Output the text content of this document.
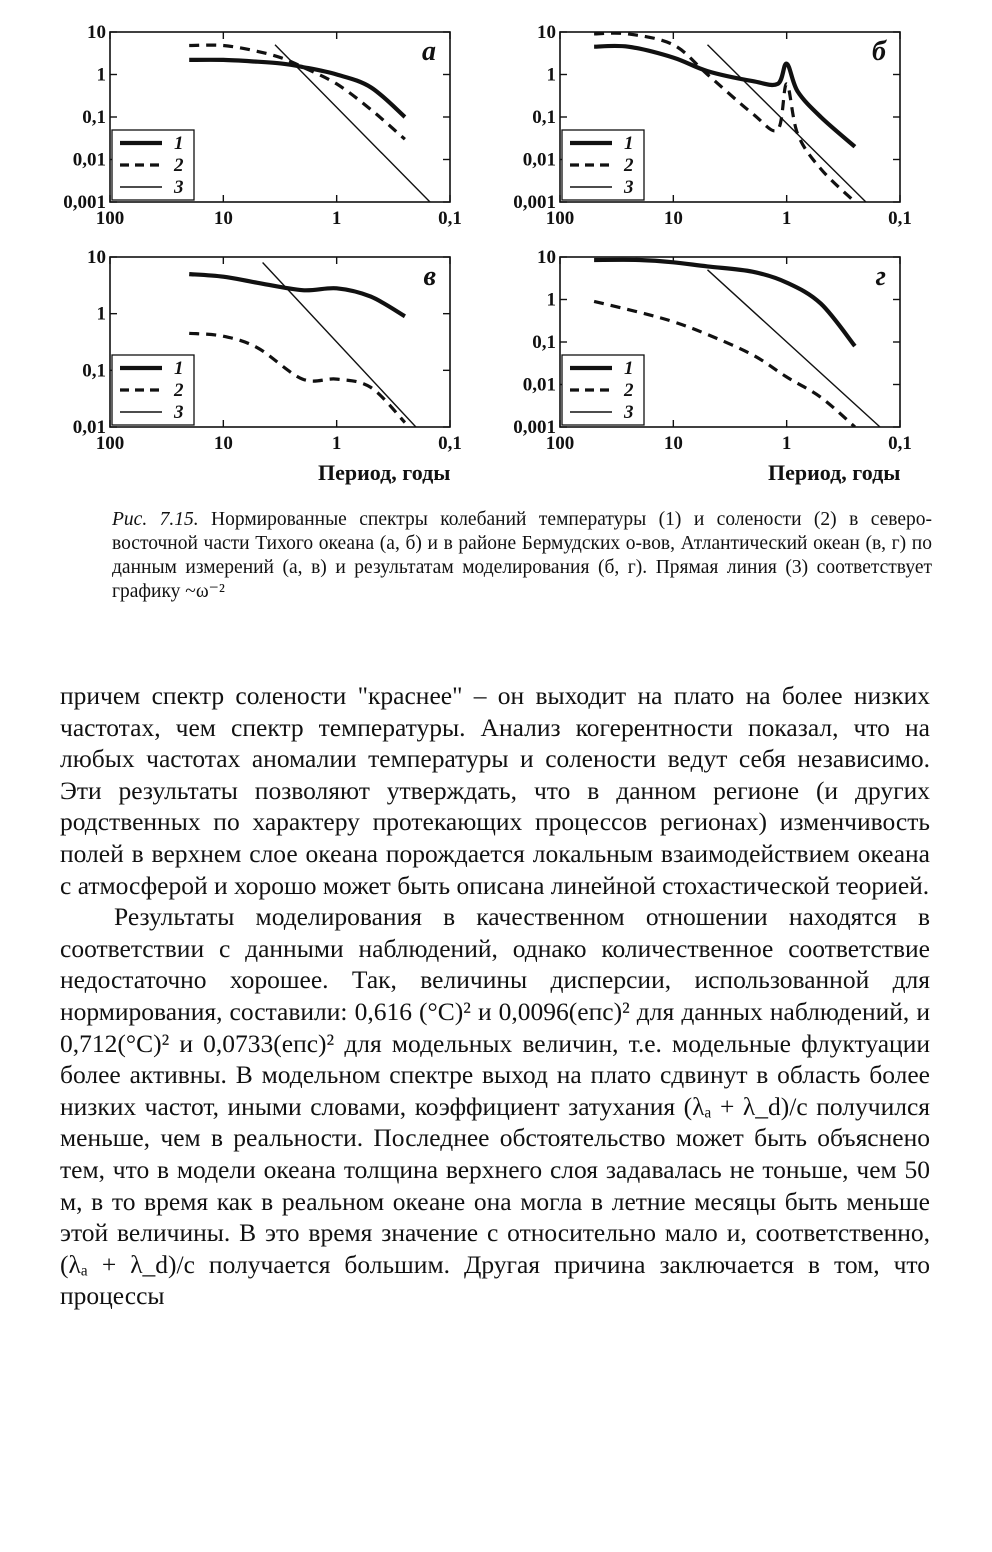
100	10	1	0,1
0,001
0,01
0,1
1
10
1
2
3
а
100	10	1	0,1
0,001
0,01
0,1
1
10
1
2
3
б
100	10	1	0,1
0,01
0,1
1
10
1
2
3
в
100	10	1	0,1
0,001
0,01
0,1
1
10
1
2
3
г
Период, годы	Период, годы
Рис. 7.15. Нормированные спектры колебаний температуры (1) и солености (2) в северо-восточной части Тихого океана (а, б) и в районе Бермудских о-вов, Атлантический океан (в, г) по данным измерений (а, в) и результатам моделирования (б, г). Прямая линия (3) соответствует графику ~ω⁻²

причем спектр солености "краснее" – он выходит на плато на более низких частотах, чем спектр температуры. Анализ когерентности показал, что на любых частотах аномалии температуры и солености ведут себя независимо. Эти результаты позволяют утверждать, что в данном регионе (и других родственных по характеру протекающих процессов регионах) изменчивость полей в верхнем слое океана порождается локальным взаимодействием океана с атмосферой и хорошо может быть описана линейной стохастической теорией.

Результаты моделирования в качественном отношении находятся в соответствии с данными наблюдений, однако количественное соответствие недостаточно хорошее. Так, величины дисперсии, использованной для нормирования, составили: 0,616 (°C)² и 0,0096(епс)² для данных наблюдений, и 0,712(°C)² и 0,0733(епс)² для модельных величин, т.е. модельные флуктуации более активны. В модельном спектре выход на плато сдвинут в область более низких частот, иными словами, коэффициент затухания (λₐ + λ_d)/c получился меньше, чем в реальности. Последнее обстоятельство может быть объяснено тем, что в модели океана толщина верхнего слоя задавалась не тоньше, чем 50 м, в то время как в реальном океане она могла в летние месяцы быть меньше этой величины. В это время значение c относительно мало и, соответственно, (λₐ + λ_d)/c получается большим. Другая причина заключается в том, что процессы
